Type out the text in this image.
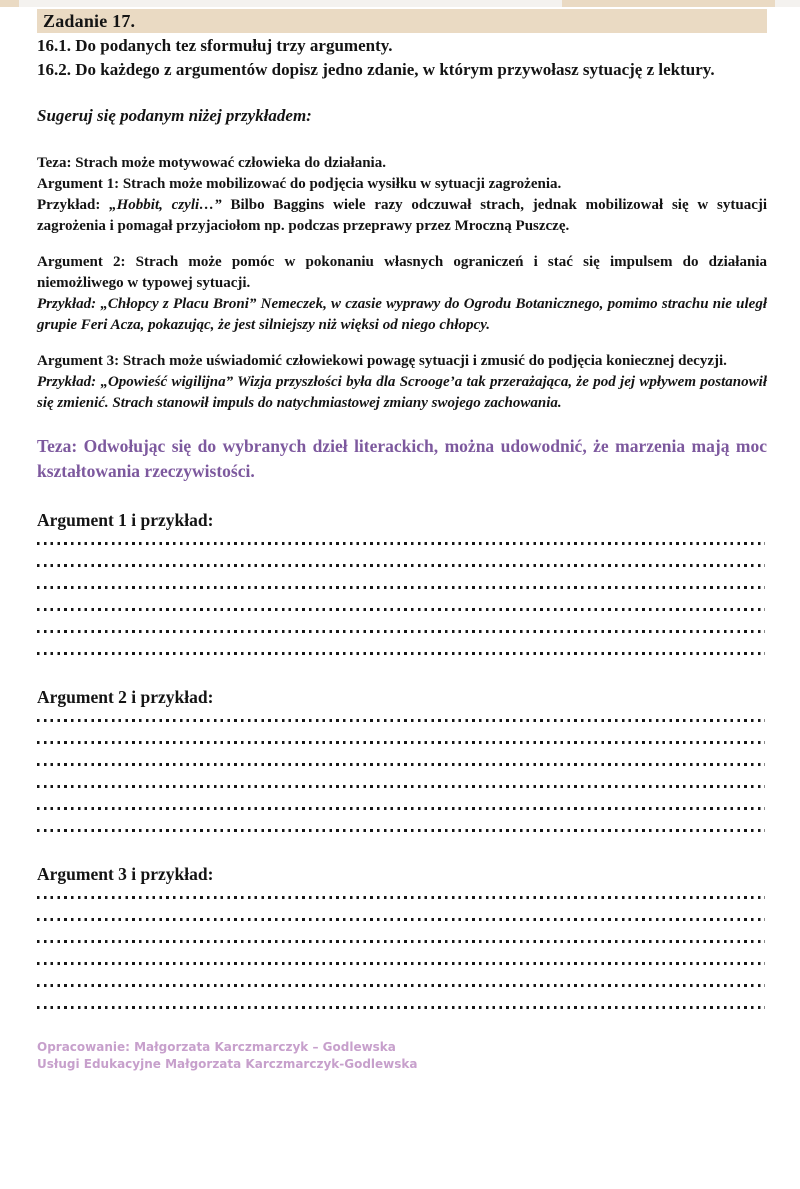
Zadanie 17.

16.1. Do podanych tez sformułuj trzy argumenty.

16.2. Do każdego z argumentów dopisz jedno zdanie, w którym przywołasz sytuację z lektury.

Sugeruj się podanym niżej przykładem:

Teza: Strach może motywować człowieka do działania.

Argument 1: Strach może mobilizować do podjęcia wysiłku w sytuacji zagrożenia.

Przykład: „Hobbit, czyli…” Bilbo Baggins wiele razy odczuwał strach, jednak mobilizował się w sytuacji zagrożenia i pomagał przyjaciołom np. podczas przeprawy przez Mroczną Puszczę.

Argument 2: Strach może pomóc w pokonaniu własnych ograniczeń i stać się impulsem do działania niemożliwego w typowej sytuacji.

Przykład: „Chłopcy z Placu Broni” Nemeczek, w czasie wyprawy do Ogrodu Botanicznego, pomimo strachu nie uległ grupie Feri Acza, pokazując, że jest silniejszy niż więksi od niego chłopcy.

Argument 3: Strach może uświadomić człowiekowi powagę sytuacji i zmusić do podjęcia koniecznej decyzji.

Przykład: „Opowieść wigilijna” Wizja przyszłości była dla Scrooge’a tak przerażająca, że pod jej wpływem postanowił się zmienić. Strach stanowił impuls do natychmiastowej zmiany swojego zachowania.

Teza: Odwołując się do wybranych dzieł literackich, można udowodnić, że marzenia mają moc kształtowania rzeczywistości.

Argument 1 i przykład:
Argument 2 i przykład:
Argument 3 i przykład:

Opracowanie: Małgorzata Karczmarczyk – Godlewska

Usługi Edukacyjne Małgorzata Karczmarczyk-Godlewska
